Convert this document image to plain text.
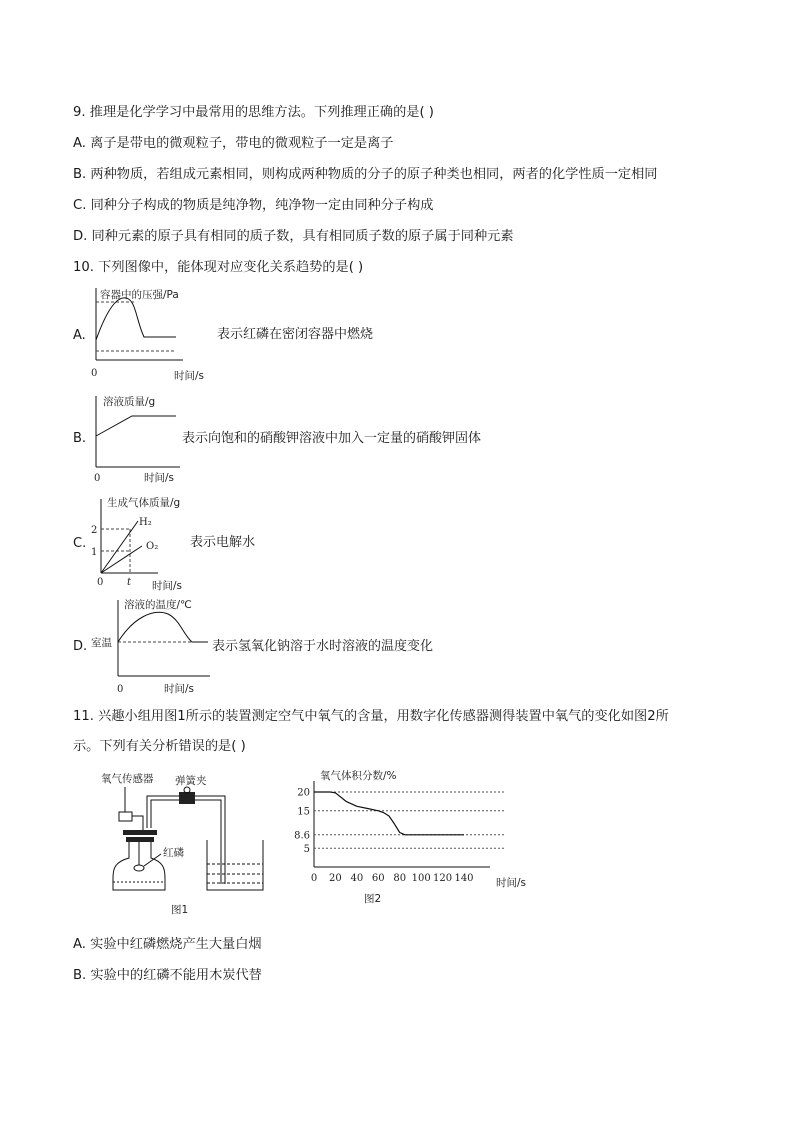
9. 推理是化学学习中最常用的思维方法。下列推理正确的是( )
A. 离子是带电的微观粒子，带电的微观粒子一定是离子
B. 两种物质，若组成元素相同，则构成两种物质的分子的原子种类也相同，两者的化学性质一定相同
C. 同种分子构成的物质是纯净物，纯净物一定由同种分子构成
D. 同种元素的原子具有相同的质子数，具有相同质子数的原子属于同种元素
10. 下列图像中，能体现对应变化关系趋势的是( )
A.
容器中的压强/Pa
0	时间/s
表示红磷在密闭容器中燃烧
B.
溶液质量/g
0	时间/s
表示向饱和的硝酸钾溶液中加入一定量的硝酸钾固体
C.
生成气体质量/g
2
1
0 t 时间/s
H₂
O₂ 表示电解水
D.
溶液的温度/℃
室温
0	时间/s
表示氢氧化钠溶于水时溶液的温度变化
11. 兴趣小组用图1所示的装置测定空气中氧气的含量，用数字化传感器测得装置中氧气的变化如图2所
示。下列有关分析错误的是( )
氧气传感器 弹簧夹
红磷
图1
氧气体积分数/%
时间/s
图2
20
15
8.6
5
0 20 40 60 80 100 120 140
A. 实验中红磷燃烧产生大量白烟
B. 实验中的红磷不能用木炭代替
